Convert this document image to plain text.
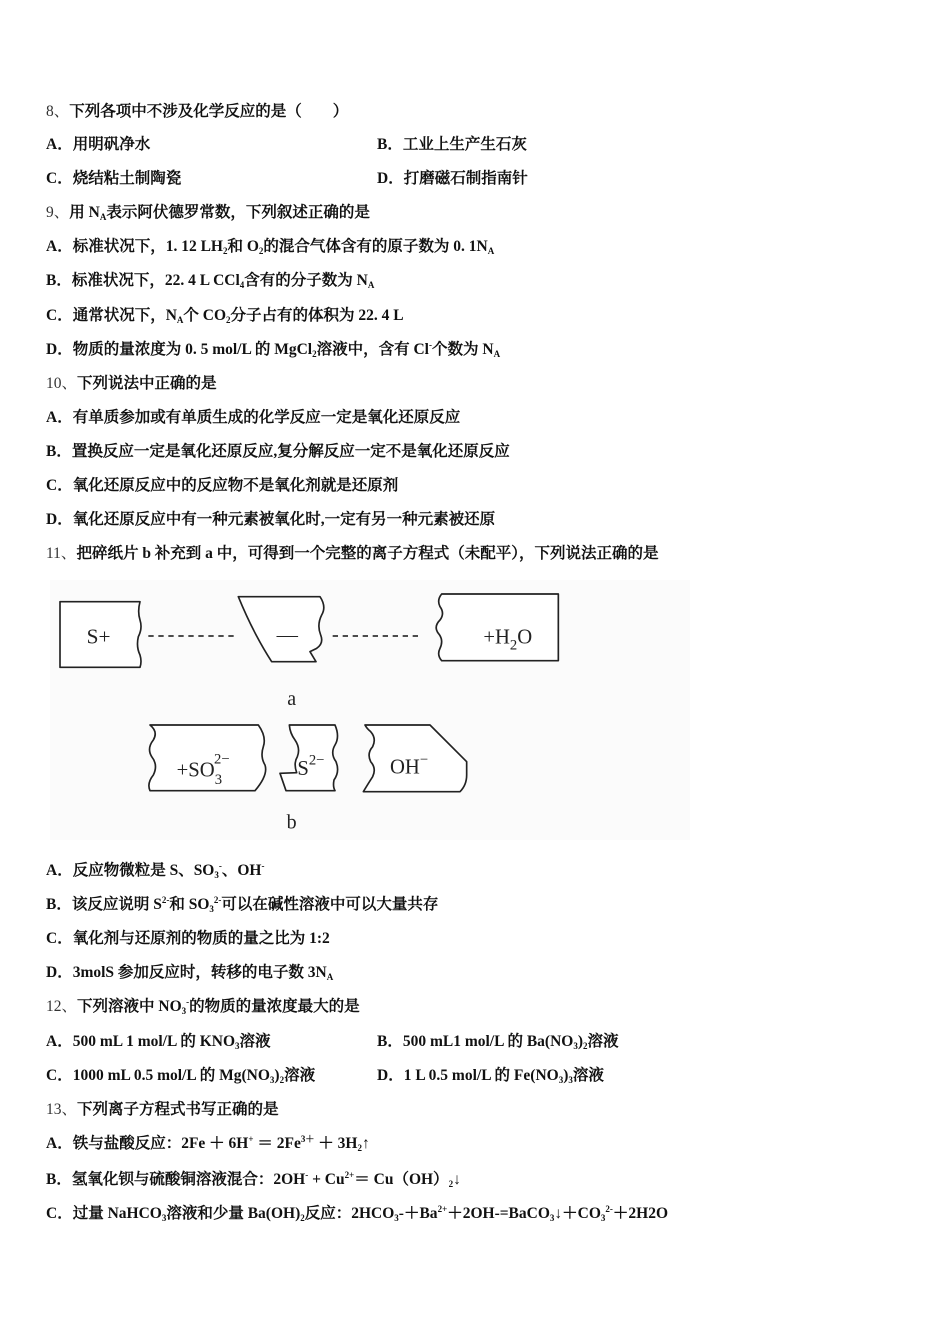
8、下列各项中不涉及化学反应的是（　　）
A．用明矾净水	B．工业上生产生石灰
C．烧结粘土制陶瓷	D．打磨磁石制指南针
9、用 $N_A$表示阿伏德罗常数，下列叙述正确的是
A．标准状况下，1. 12 $LH_2$和 $O_2$的混合气体含有的原子数为 0. $1N_A$
B．标准状况下，22. 4 L CCl$_4$含有的分子数为 $N_A$
C．通常状况下，$N_A$个 $CO_2$分子占有的体积为 22. 4 L
D．物质的量浓度为 0. 5 mol/L 的 MgCl$_2$溶液中，含有 Cl-个数为 $N_A$
10、下列说法中正确的是
A．有单质参加或有单质生成的化学反应一定是氧化还原反应
B．置换反应一定是氧化还原反应,复分解反应一定不是氧化还原反应
C．氧化还原反应中的反应物不是氧化剂就是还原剂
D．氧化还原反应中有一种元素被氧化时,一定有另一种元素被还原
11、把碎纸片 b 补充到 a 中，可得到一个完整的离子方程式（未配平），下列说法正确的是
S+	—	$+H_2O$
a
$+SO_32- S^{2-}$ OH−
b
A．反应物微粒是 S、$SO_3^-$、OH-
B．该反应说明 $S^{2-}$和 $SO_3^{2-}$可以在碱性溶液中可以大量共存
C．氧化剂与还原剂的物质的量之比为 1:2
D．3molS 参加反应时，转移的电子数 $3N_A$
12、下列溶液中 $NO_3^-$的物质的量浓度最大的是
A．500 mL 1 mol/L 的 $KNO_3$溶液	B．500 mL1 mol/L 的 $Ba(NO_3)_2$溶液
C．1000 mL 0.5 mol/L 的 $Mg(NO_3)_2$溶液	D．1 L 0.5 mol/L 的 $Fe(NO_3)_3$溶液
13、下列离子方程式书写正确的是
A．铁与盐酸反应：$2Fe + 6H^+ = 2Fe^{3+}$ ＋ $3H_2↑$
B．氢氧化钡与硫酸铜溶液混合：$2OH^- + Cu^{2+}=$ $Cu(OH)_2↓$
C．过量 NaHCO$_3$溶液和少量 $Ba(OH)_2$反应：$2HCO_3-+Ba^{2+}+2OH-=BaCO_3↓+CO_3^{2-}+2H2O$
